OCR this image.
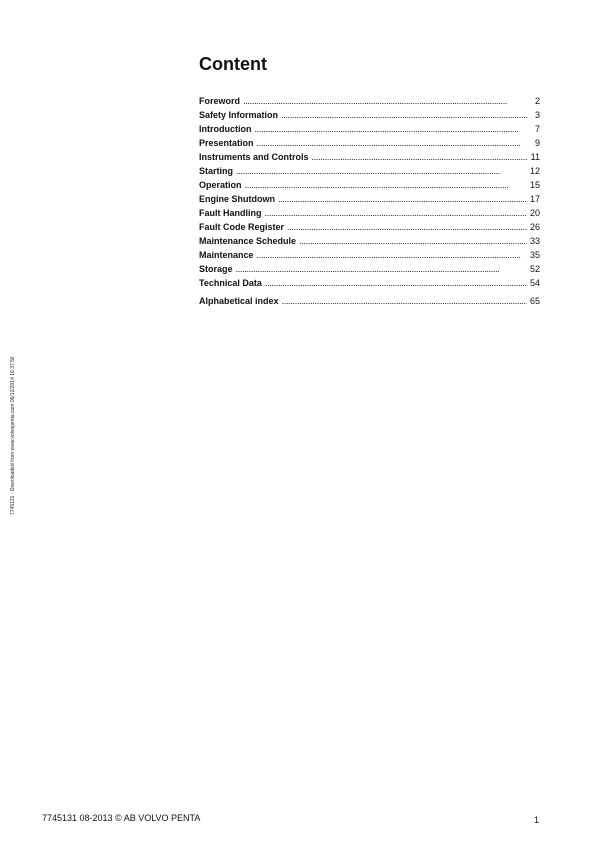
Content
Foreword . . .	2
Safety Information . . .	3
Introduction . . .	7
Presentation . . .	9
Instruments and Controls . . .	11
Starting . . .	12
Operation . . .	15
Engine Shutdown . . .	17
Fault Handling . . .	20
Fault Code Register . . .	26
Maintenance Schedule . . .	33
Maintenance . . .	35
Storage . . .	52
Technical Data . . .	54
Alphabetical index . . .	65
7745131 - Downloaded from www.volvopenta.com 06/12/2014 16:37:56
7745131 08-2013 © AB VOLVO PENTA	1
